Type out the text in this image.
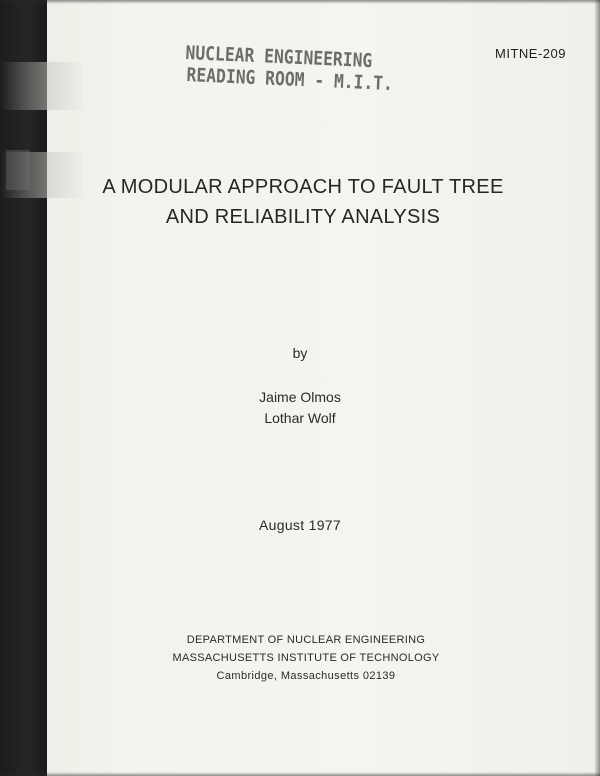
NUCLEAR ENGINEERING
READING ROOM - M.I.T.
MITNE-209
A MODULAR APPROACH TO FAULT TREE
AND RELIABILITY ANALYSIS
by
Jaime Olmos
Lothar Wolf
August 1977
DEPARTMENT OF NUCLEAR ENGINEERING
MASSACHUSETTS INSTITUTE OF TECHNOLOGY
Cambridge, Massachusetts 02139
